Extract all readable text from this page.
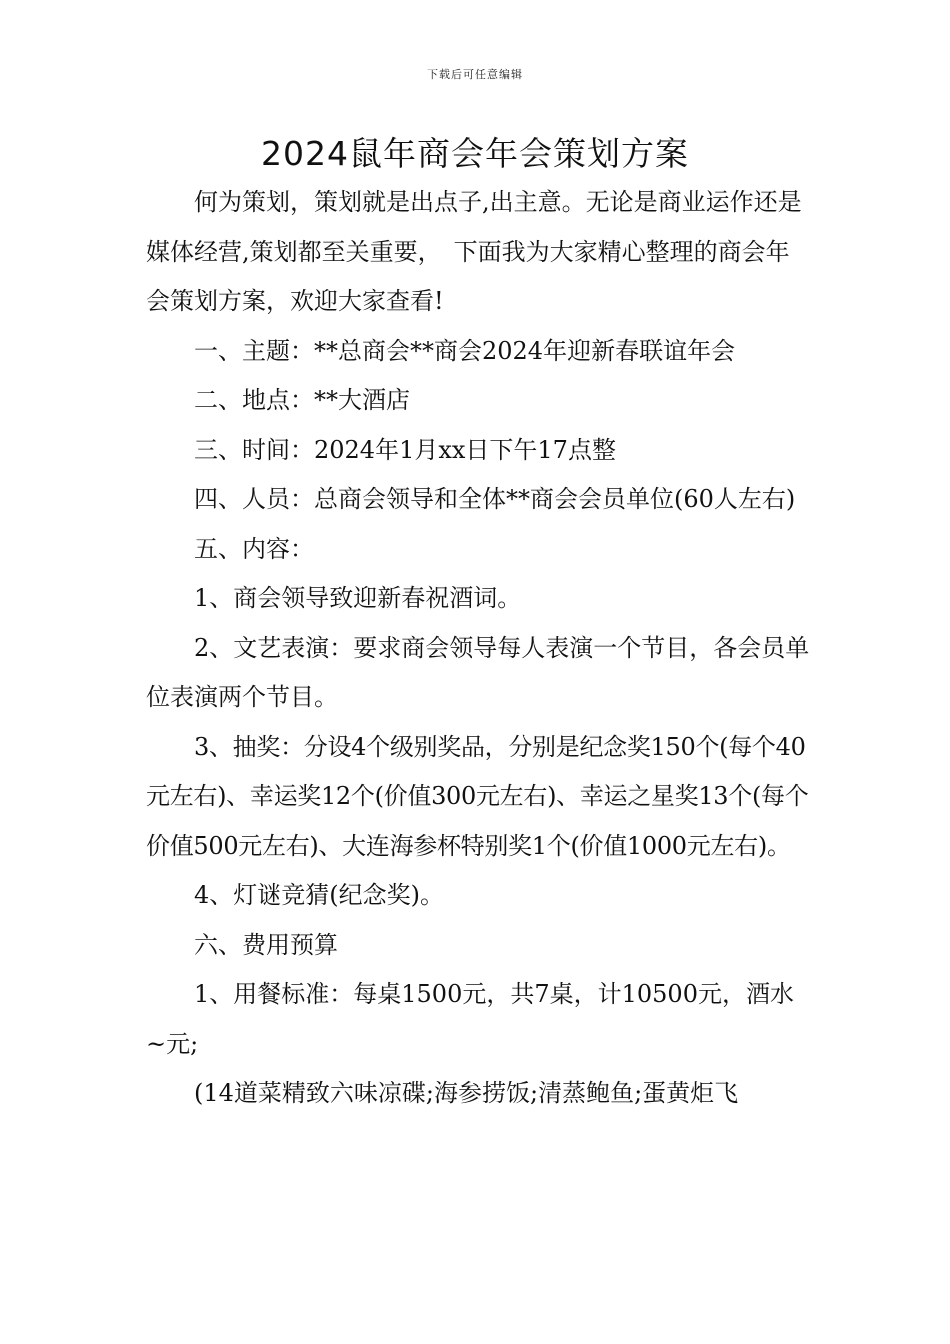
下载后可任意编辑
2024鼠年商会年会策划方案

何为策划，策划就是出点子,出主意。无论是商业运作还是媒体经营,策划都至关重要，　下面我为大家精心整理的商会年会策划方案，欢迎大家查看!

一、主题：**总商会**商会2024年迎新春联谊年会

二、地点：**大酒店

三、时间：2024年1月xx日下午17点整

四、人员：总商会领导和全体**商会会员单位(60人左右)

五、内容：

1、商会领导致迎新春祝酒词。

2、文艺表演：要求商会领导每人表演一个节目，各会员单位表演两个节目。

3、抽奖：分设4个级别奖品，分别是纪念奖150个(每个40元左右)、幸运奖12个(价值300元左右)、幸运之星奖13个(每个价值500元左右)、大连海参杯特别奖1个(价值1000元左右)。

4、灯谜竞猜(纪念奖)。

六、费用预算

1、用餐标准：每桌1500元，共7桌，计10500元，酒水~元;

(14道菜精致六味凉碟;海参捞饭;清蒸鲍鱼;蛋黄炬飞
